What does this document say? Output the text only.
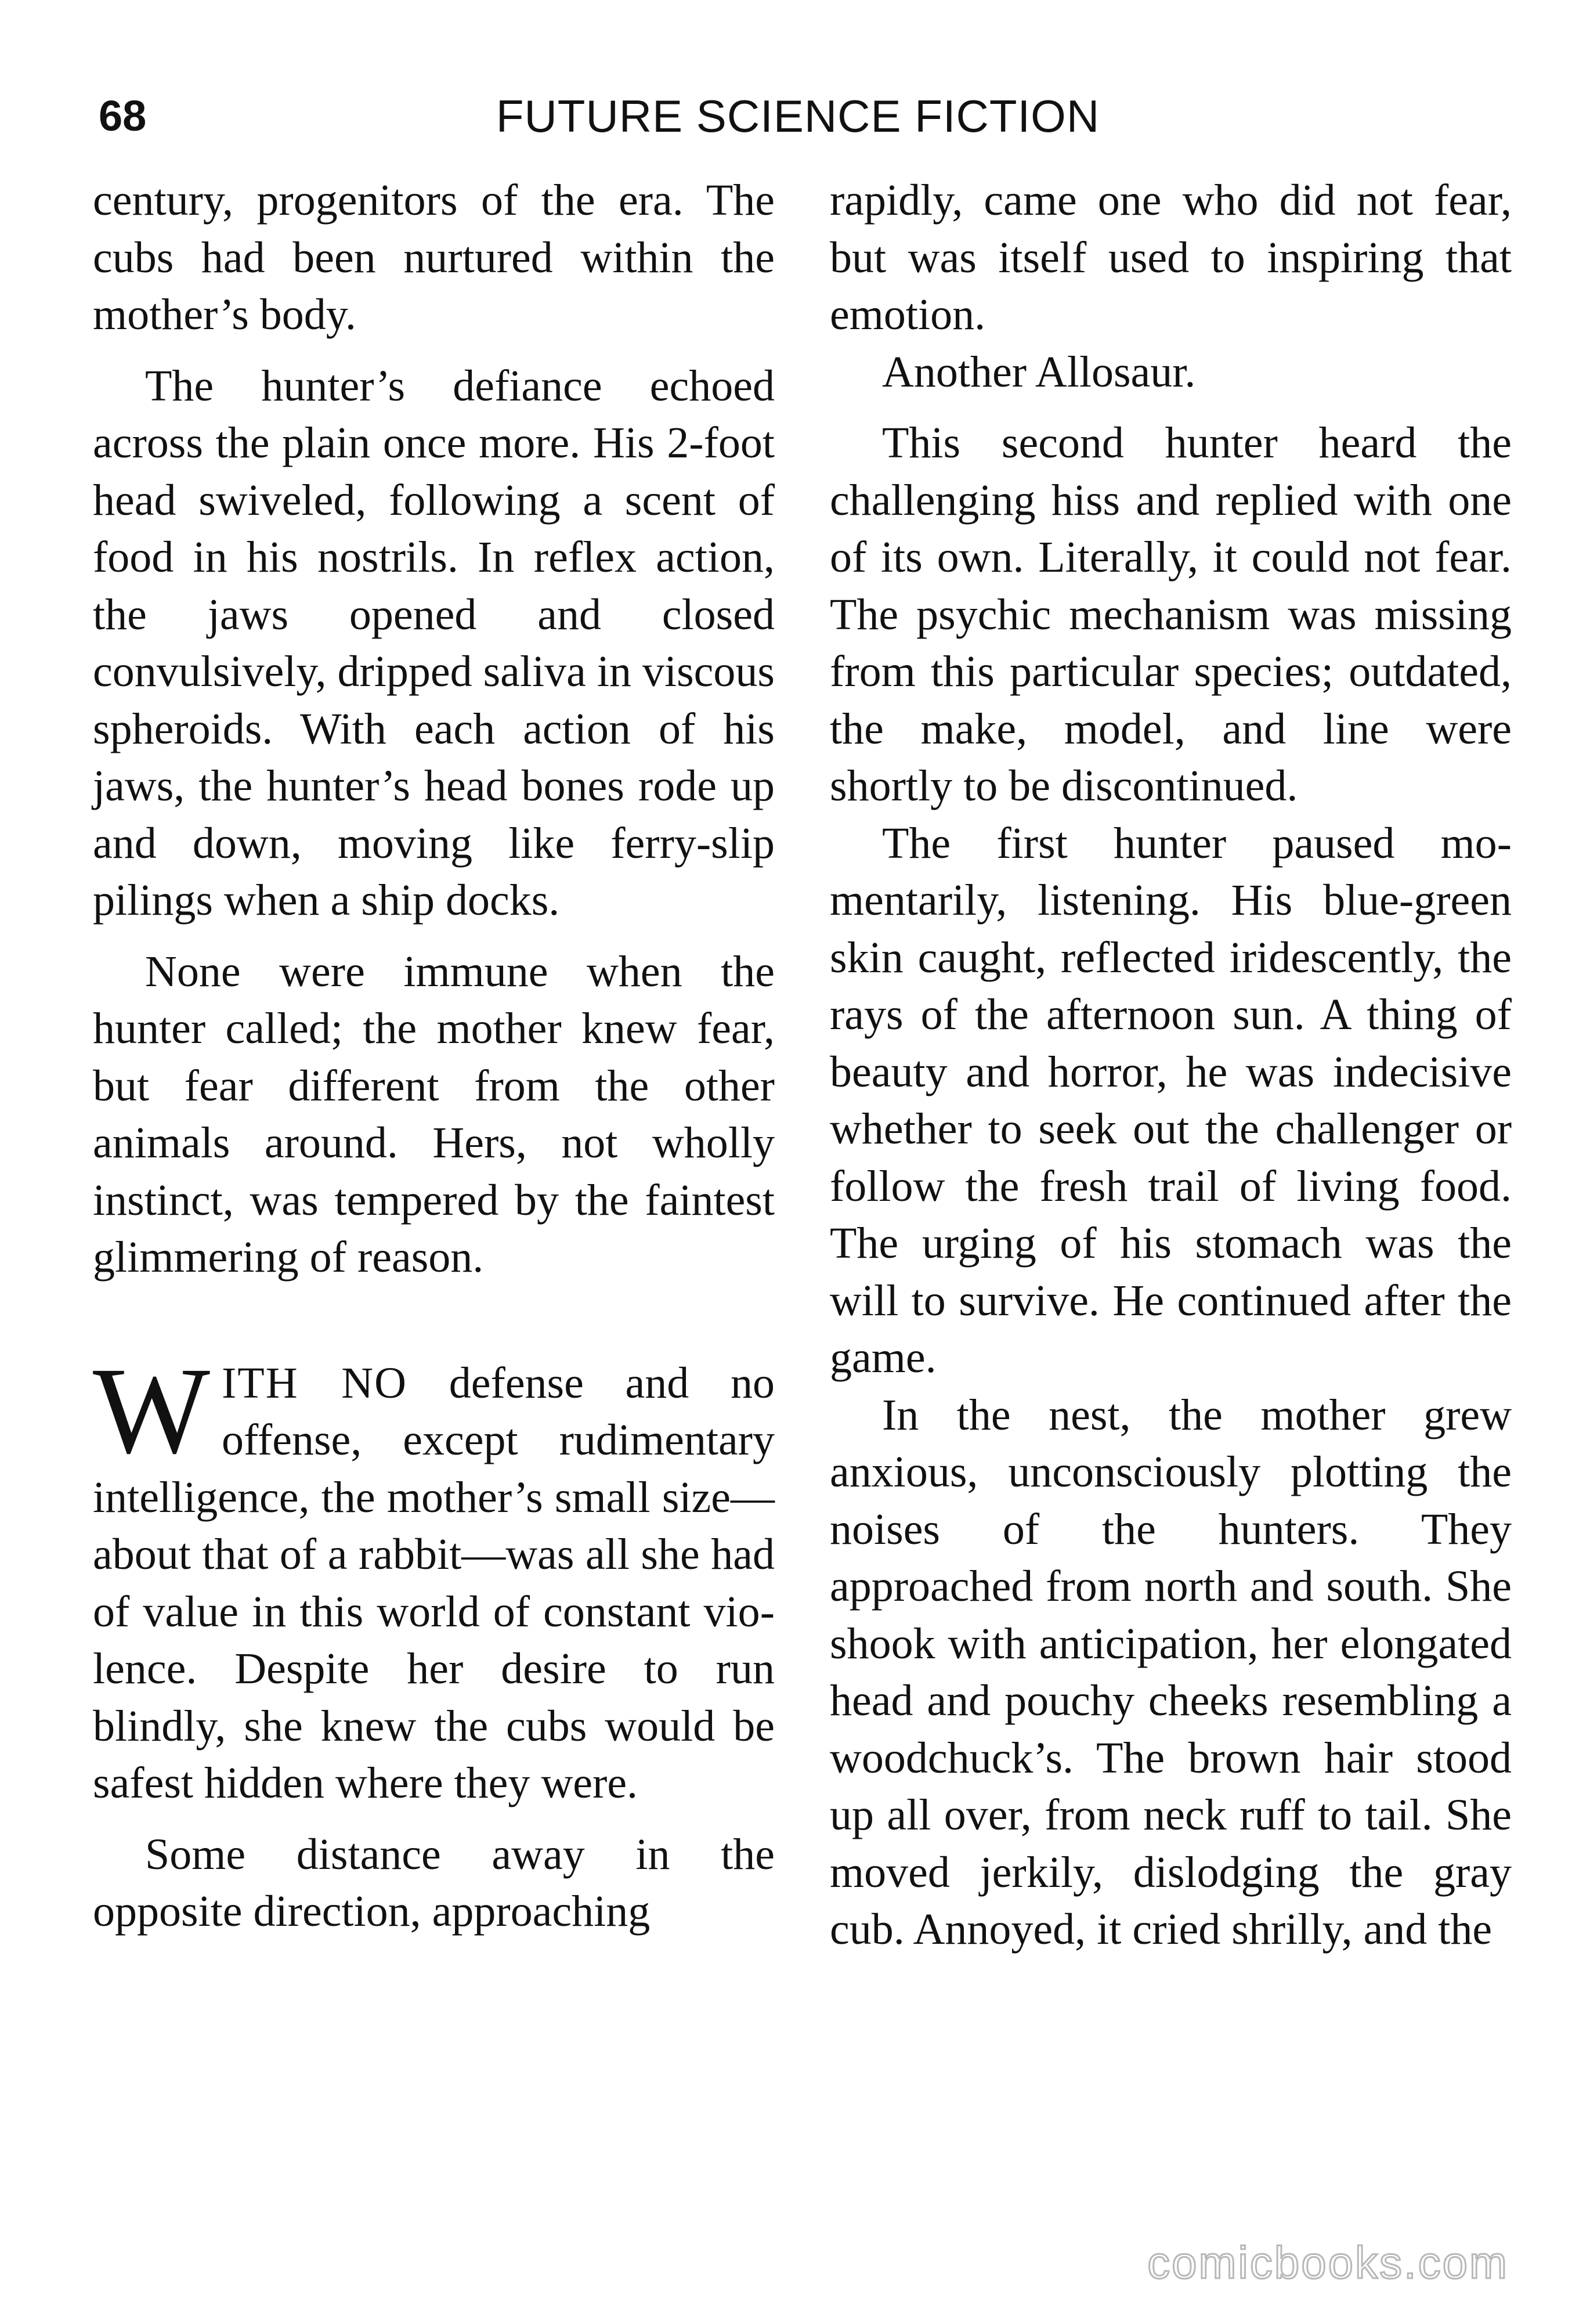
68	FUTURE SCIENCE FICTION

century, progenitors of the era. The cubs had been nurtured within the mother’s body.

The hunter’s defiance echoed across the plain once more. His 2-foot head swiveled, following a scent of food in his nostrils. In reflex action, the jaws opened and closed convulsively, dripped saliva in viscous spheroids. With each action of his jaws, the hunter’s head bones rode up and down, moving like ferry-slip pilings when a ship docks.

None were immune when the hunter called; the mother knew fear, but fear different from the other animals around. Hers, not wholly instinct, was tempered by the faintest glimmering of reason.

WITH NO defense and no offense, except rudimentary intelligence, the mother’s small size—about that of a rabbit—was all she had of value in this world of constant violence. Despite her desire to run blindly, she knew the cubs would be safest hidden where they were.

Some distance away in the opposite direction, approaching

rapidly, came one who did not fear, but was itself used to inspiring that emotion.

Another Allosaur.

This second hunter heard the challenging hiss and replied with one of its own. Literally, it could not fear. The psychic mechanism was missing from this particular species; outdated, the make, model, and line were shortly to be discontinued.

The first hunter paused momentarily, listening. His blue-green skin caught, reflected iridescently, the rays of the afternoon sun. A thing of beauty and horror, he was indecisive whether to seek out the challenger or follow the fresh trail of living food. The urging of his stomach was the will to survive. He continued after the game.

In the nest, the mother grew anxious, unconsciously plotting the noises of the hunters. They approached from north and south. She shook with anticipation, her elongated head and pouchy cheeks resembling a woodchuck’s. The brown hair stood up all over, from neck ruff to tail. She moved jerkily, dislodging the gray cub. Annoyed, it cried shrilly, and the

comicbooks.com
